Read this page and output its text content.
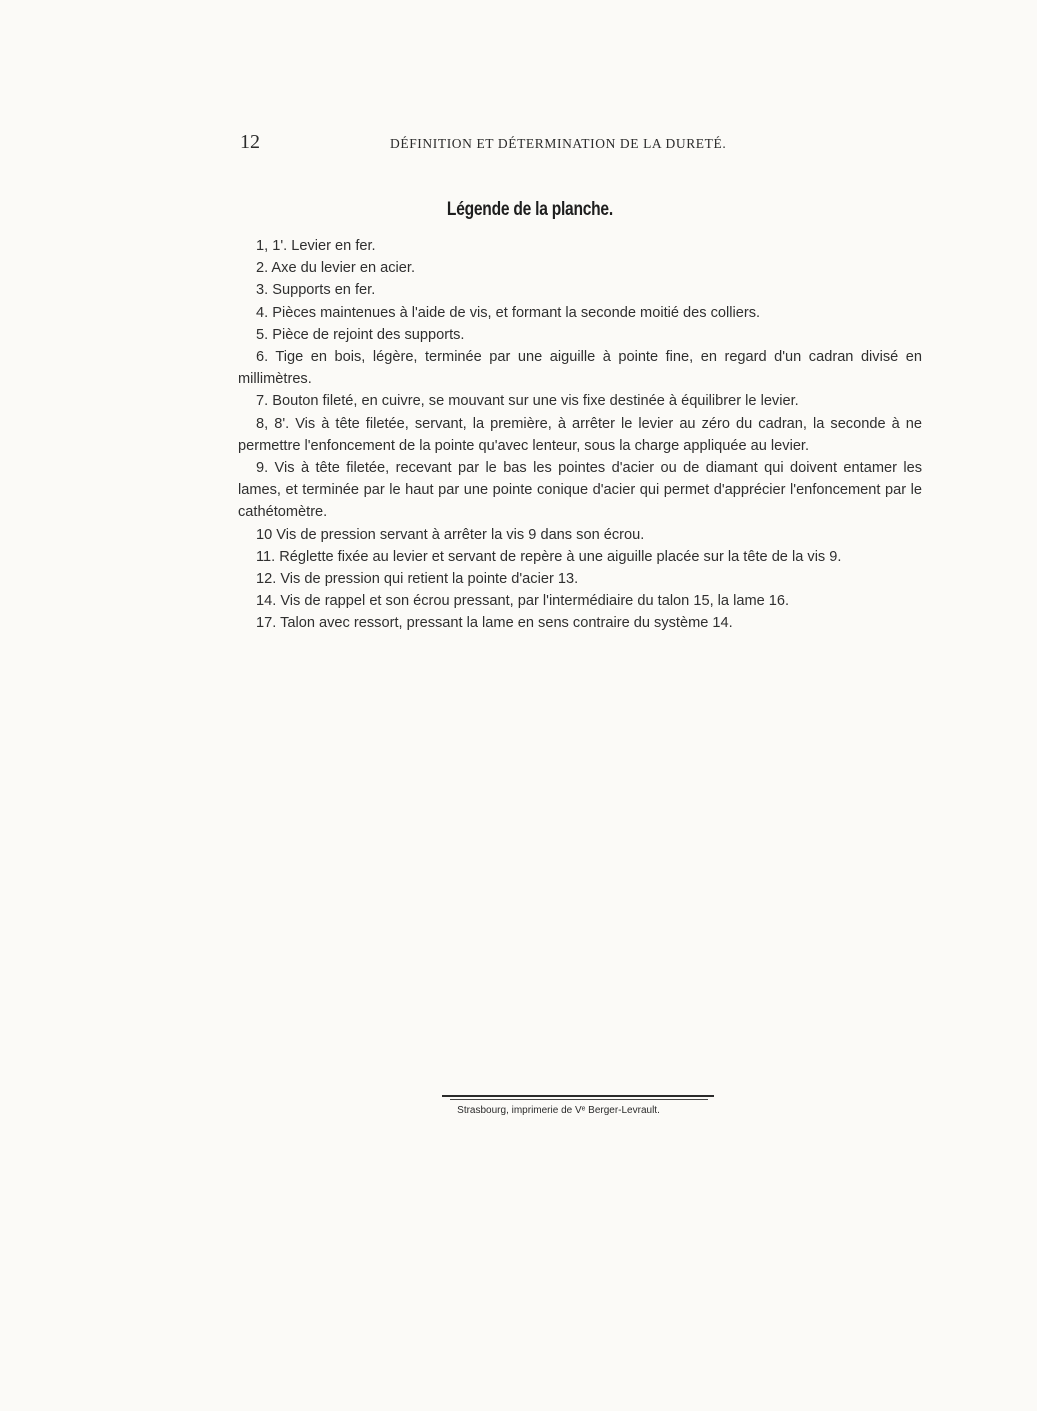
12	DÉFINITION ET DÉTERMINATION DE LA DURETÉ.
Légende de la planche.

1, 1'. Levier en fer.

2. Axe du levier en acier.

3. Supports en fer.

4. Pièces maintenues à l'aide de vis, et formant la seconde moitié des colliers.

5. Pièce de rejoint des supports.

6. Tige en bois, légère, terminée par une aiguille à pointe fine, en regard d'un cadran divisé en millimètres.

7. Bouton fileté, en cuivre, se mouvant sur une vis fixe destinée à équilibrer le levier.

8, 8'. Vis à tête filetée, servant, la première, à arrêter le levier au zéro du cadran, la seconde à ne permettre l'enfoncement de la pointe qu'avec lenteur, sous la charge appliquée au levier.

9. Vis à tête filetée, recevant par le bas les pointes d'acier ou de diamant qui doivent entamer les lames, et terminée par le haut par une pointe conique d'acier qui permet d'apprécier l'enfoncement par le cathétomètre.

10 Vis de pression servant à arrêter la vis 9 dans son écrou.

11. Réglette fixée au levier et servant de repère à une aiguille placée sur la tête de la vis 9.

12. Vis de pression qui retient la pointe d'acier 13.

14. Vis de rappel et son écrou pressant, par l'intermédiaire du talon 15, la lame 16.

17. Talon avec ressort, pressant la lame en sens contraire du système 14.

Strasbourg, imprimerie de Vᵉ Berger-Levrault.
